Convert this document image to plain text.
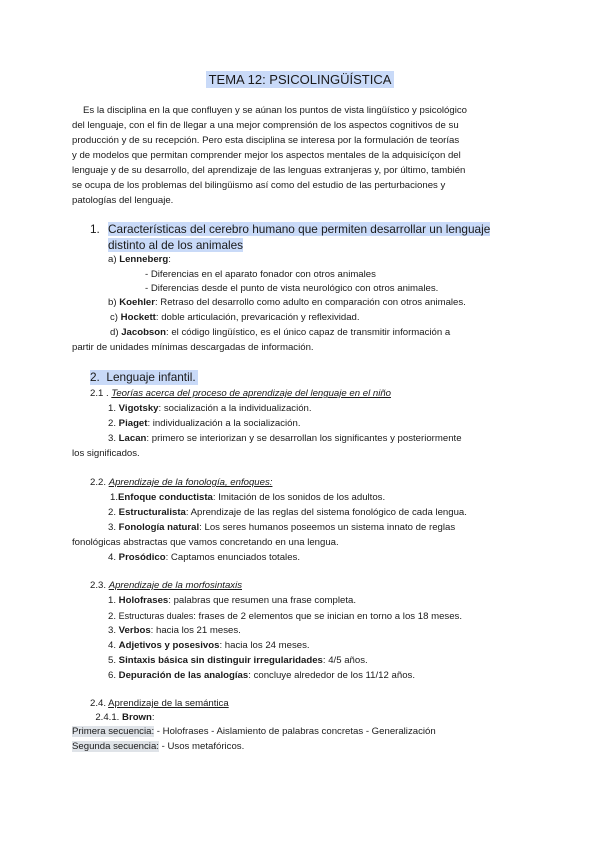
TEMA 12: PSICOLINGÜÍSTICA
Es la disciplina en la que confluyen y se aúnan los puntos de vista lingüístico y psicológico
del lenguaje, con el fin de llegar a una mejor comprensión de los aspectos cognitivos de su
producción y de su recepción. Pero esta disciplina se interesa por la formulación de teorías
y de modelos que permitan comprender mejor los aspectos mentales de la adquisicíçon del
lenguaje y de su desarrollo, del aprendizaje de las lenguas extranjeras y, por último, también
se ocupa de los problemas del bilingüismo así como del estudio de las perturbaciones y
patologías del lenguaje.
1. Características del cerebro humano que permiten desarrollar un lenguaje
distinto al de los animales
a) Lenneberg:
- Diferencias en el aparato fonador con otros animales
- Diferencias desde el punto de vista neurológico con otros animales.
b) Koehler: Retraso del desarrollo como adulto en comparación con otros animales.
c) Hockett: doble articulación, prevaricación y reflexividad.
d) Jacobson: el código lingüístico, es el único capaz de transmitir información a
partir de unidades mínimas descargadas de información.
2. Lenguaje infantil.
2.1 . Teorías acerca del proceso de aprendizaje del lenguaje en el niño
1. Vigotsky: socialización a la individualización.
2. Piaget: individualización a la socialización.
3. Lacan: primero se interiorizan y se desarrollan los significantes y posteriormente
los significados.
2.2. Aprendizaje de la fonología, enfoques:
1.Enfoque conductista: Imitación de los sonidos de los adultos.
2. Estructuralista: Aprendizaje de las reglas del sistema fonológico de cada lengua.
3. Fonología natural: Los seres humanos poseemos un sistema innato de reglas
fonológicas abstractas que vamos concretando en una lengua.
4. Prosódico: Captamos enunciados totales.
2.3. Aprendizaje de la morfosintaxis
1. Holofrases: palabras que resumen una frase completa.
2. Estructuras duales: frases de 2 elementos que se inician en torno a los 18 meses.
3. Verbos: hacia los 21 meses.
4. Adjetivos y posesivos: hacia los 24 meses.
5. Sintaxis básica sin distinguir irregularidades: 4/5 años.
6. Depuración de las analogías: concluye alrededor de los 11/12 años.
2.4. Aprendizaje de la semántica
2.4.1. Brown:
Primera secuencia: - Holofrases - Aislamiento de palabras concretas - Generalización
Segunda secuencia: - Usos metafóricos.
